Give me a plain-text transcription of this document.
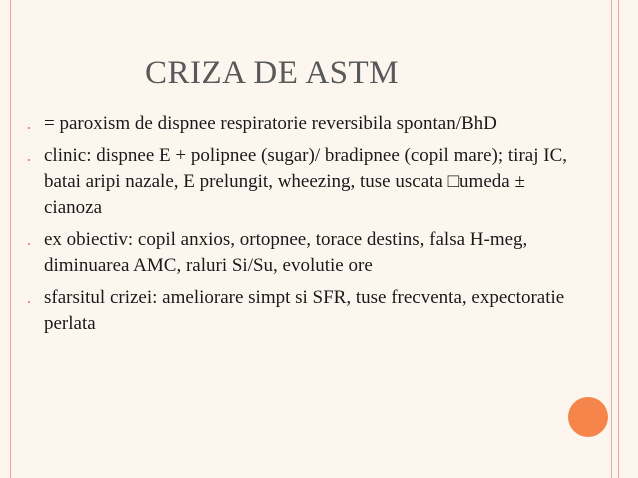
CRIZA DE ASTM
= paroxism de dispnee respiratorie reversibila spontan/BhD
clinic: dispnee E + polipnee (sugar)/ bradipnee (copil mare); tiraj IC, batai aripi nazale, E prelungit, wheezing, tuse uscata □umeda ± cianoza
ex obiectiv: copil anxios, ortopnee, torace destins, falsa H-meg, diminuarea AMC, raluri Si/Su, evolutie ore
sfarsitul crizei: ameliorare simpt si SFR, tuse frecventa, expectoratie perlata
